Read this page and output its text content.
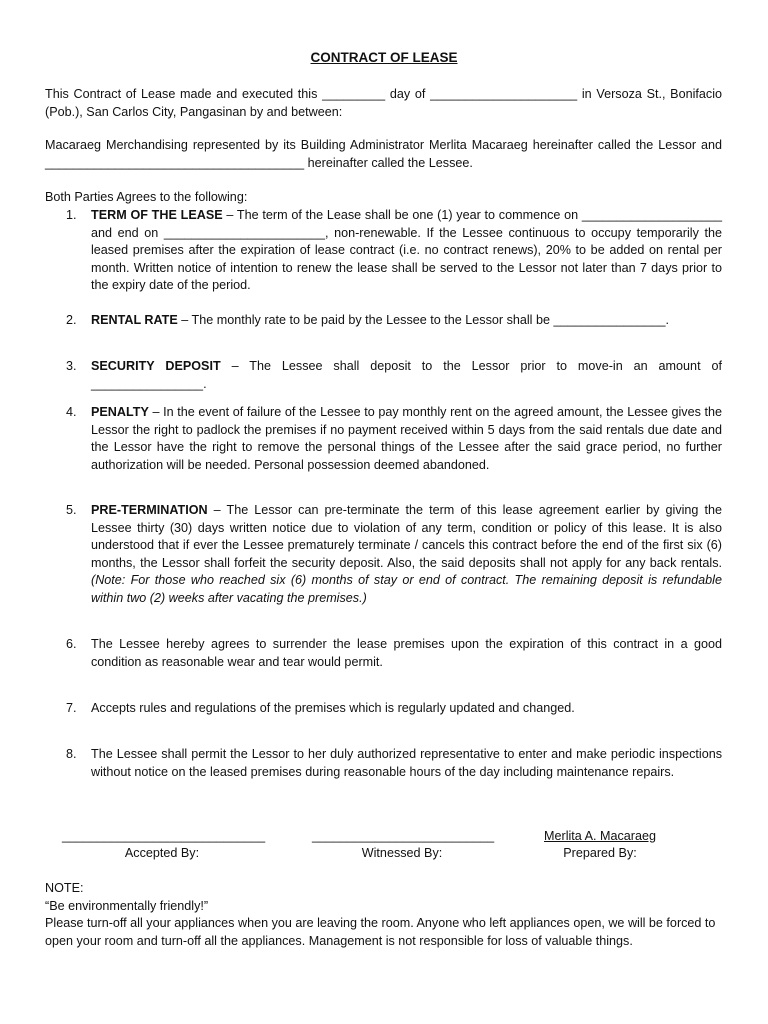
CONTRACT OF LEASE

This Contract of Lease made and executed this _________ day of _____________________ in Versoza St., Bonifacio (Pob.), San Carlos City, Pangasinan by and between:

Macaraeg Merchandising represented by its Building Administrator Merlita Macaraeg hereinafter called the Lessor and _____________________________________ hereinafter called the Lessee.

Both Parties Agrees to the following:

1.	TERM OF THE LEASE – The term of the Lease shall be one (1) year to commence on ____________________ and end on _______________________, non-renewable. If the Lessee continuous to occupy temporarily the leased premises after the expiration of lease contract (i.e. no contract renews), 20% to be added on rental per month. Written notice of intention to renew the lease shall be served to the Lessor not later than 7 days prior to the expiry date of the period.
2.	RENTAL RATE – The monthly rate to be paid by the Lessee to the Lessor shall be ________________.
3.	SECURITY DEPOSIT – The Lessee shall deposit to the Lessor prior to move-in an amount of ________________.
4.	PENALTY – In the event of failure of the Lessee to pay monthly rent on the agreed amount, the Lessee gives the Lessor the right to padlock the premises if no payment received within 5 days from the said rentals due date and the Lessor have the right to remove the personal things of the Lessee after the said grace period, no further authorization will be needed. Personal possession deemed abandoned.
5.	PRE-TERMINATION – The Lessor can pre-terminate the term of this lease agreement earlier by giving the Lessee thirty (30) days written notice due to violation of any term, condition or policy of this lease. It is also understood that if ever the Lessee prematurely terminate / cancels this contract before the end of the first six (6) months, the Lessor shall forfeit the security deposit. Also, the said deposits shall not apply for any back rentals. (Note: For those who reached six (6) months of stay or end of contract. The remaining deposit is refundable within two (2) weeks after vacating the premises.)
6.	The Lessee hereby agrees to surrender the lease premises upon the expiration of this contract in a good condition as reasonable wear and tear would permit.
7.	Accepts rules and regulations of the premises which is regularly updated and changed.
8.	The Lessee shall permit the Lessor to her duly authorized representative to enter and make periodic inspections without notice on the leased premises during reasonable hours of the day including maintenance repairs.
_____________________________
Accepted By:
__________________________
Witnessed By:
Merlita A. Macaraeg
Prepared By:
NOTE:
“Be environmentally friendly!”
Please turn-off all your appliances when you are leaving the room. Anyone who left appliances open, we will be forced to open your room and turn-off all the appliances. Management is not responsible for loss of valuable things.
